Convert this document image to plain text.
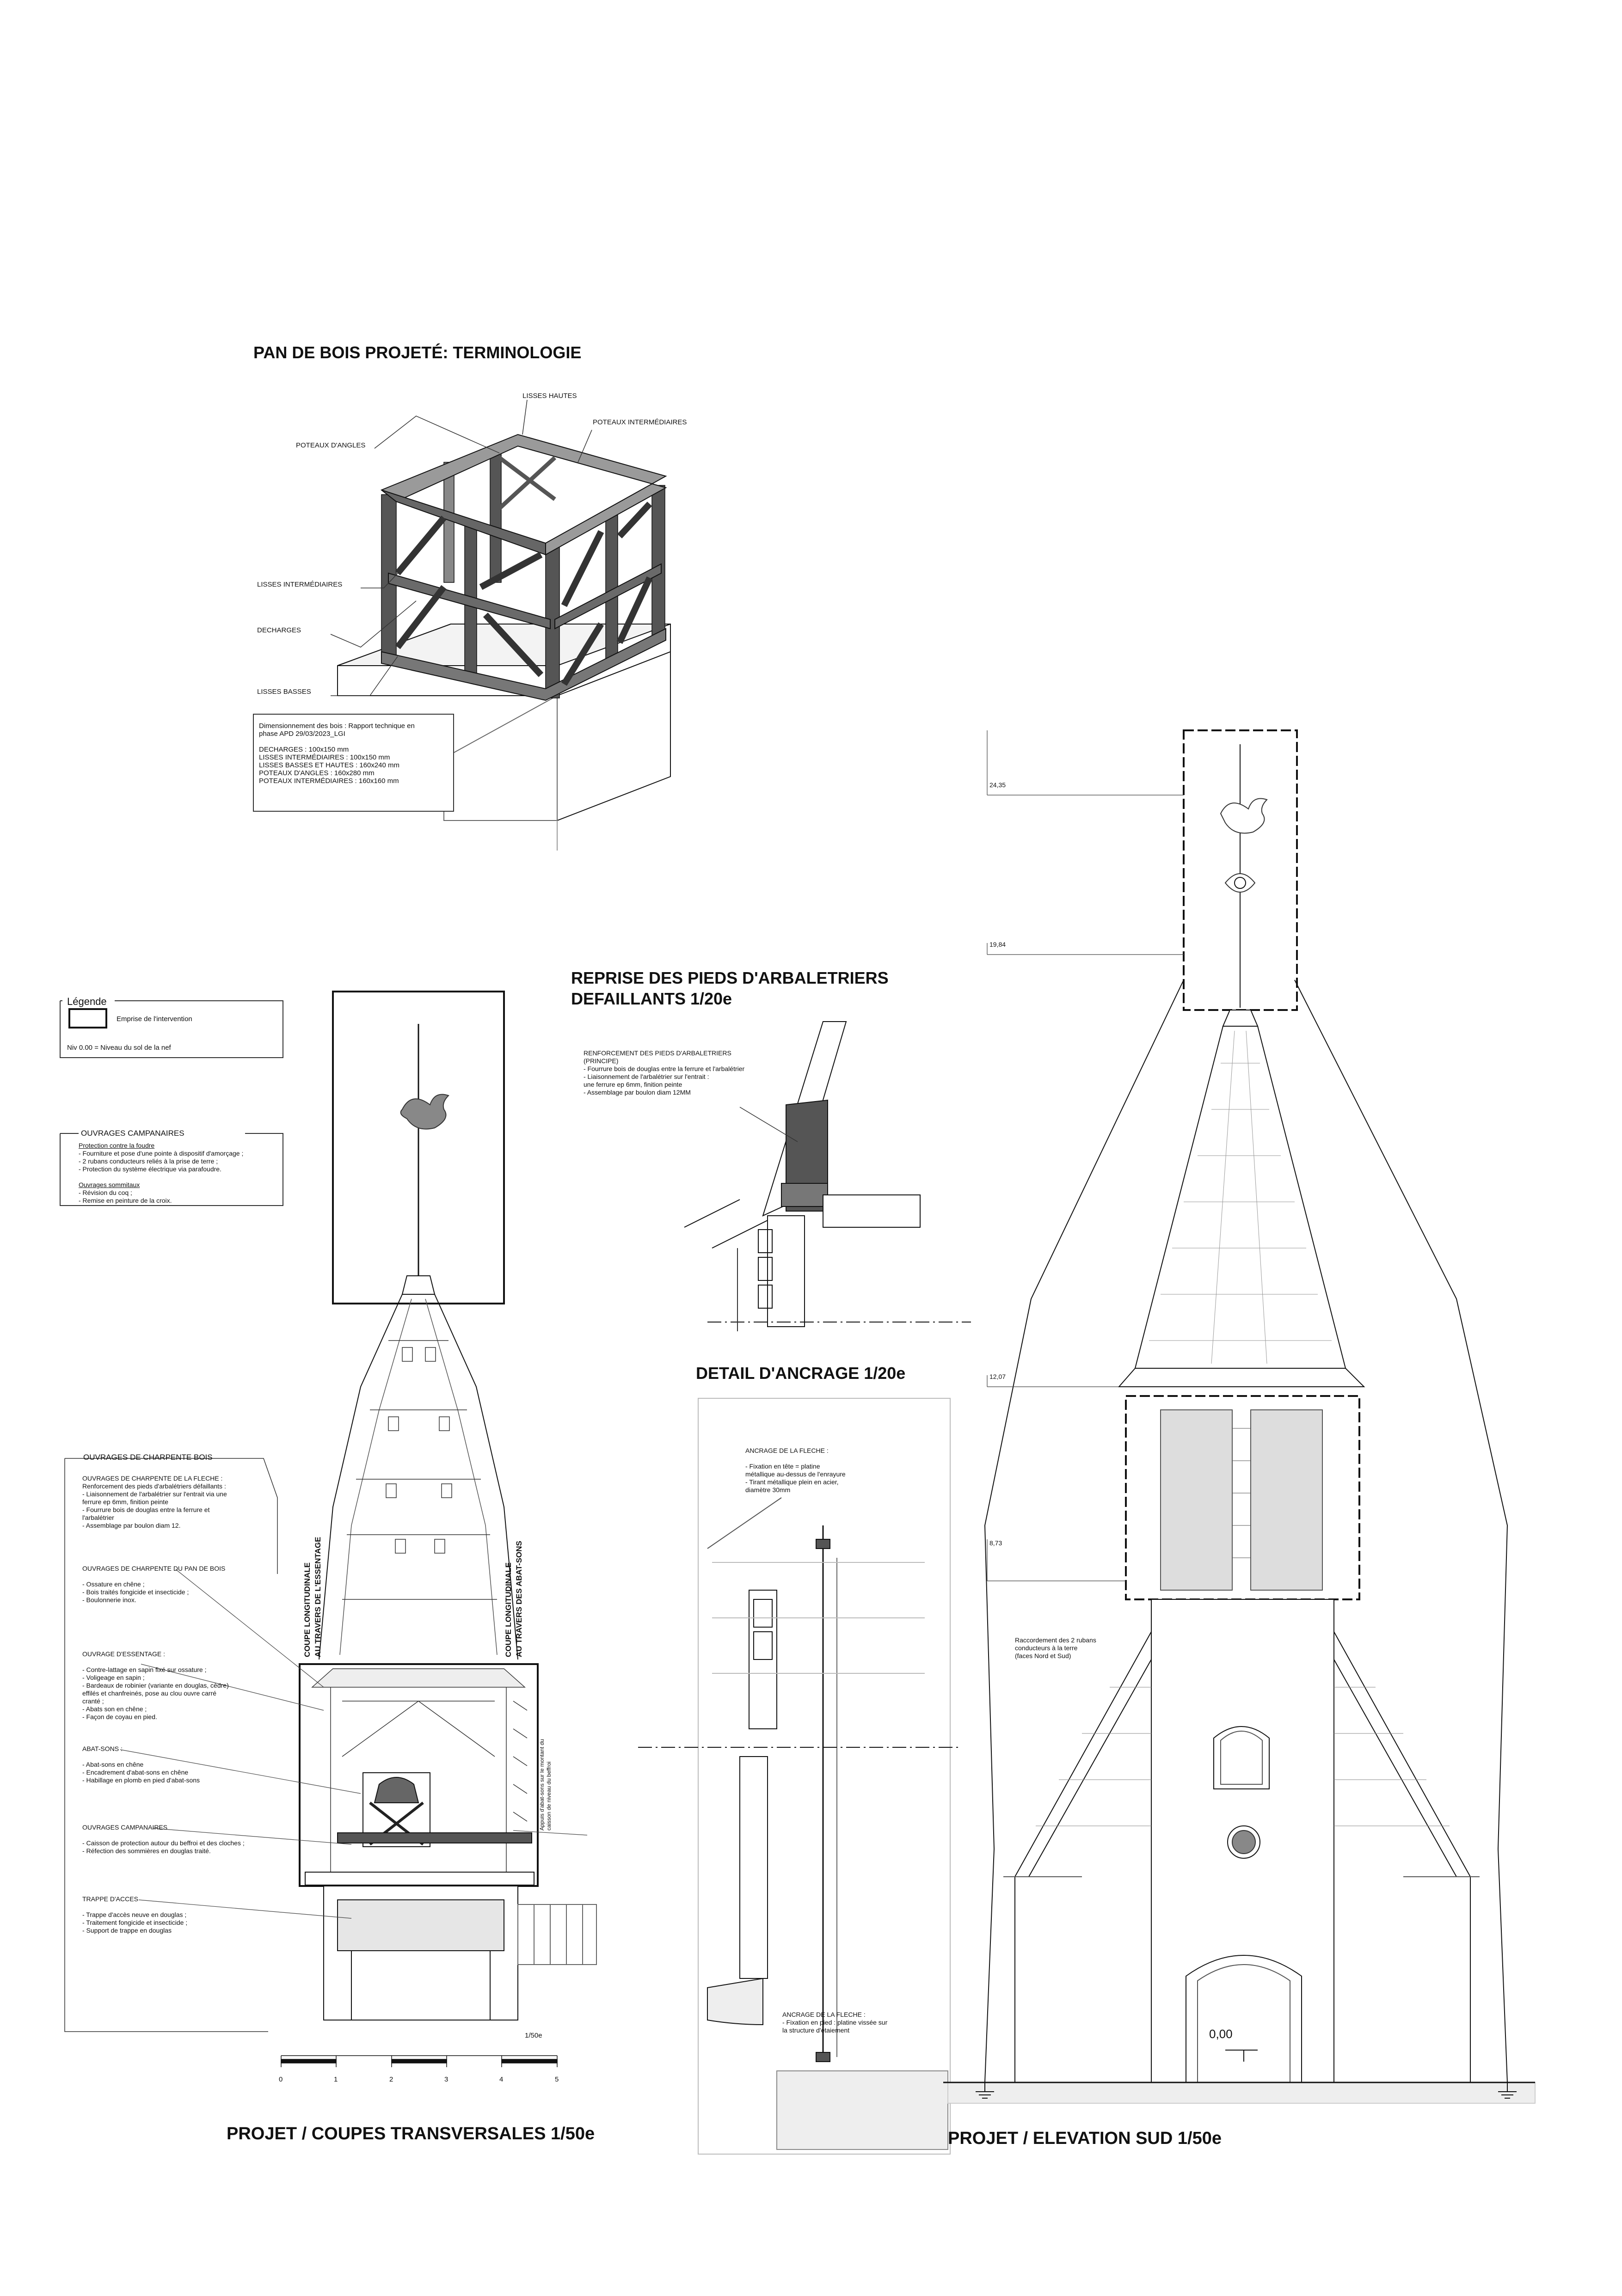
PAN DE BOIS PROJETÉ: TERMINOLOGIE
REPRISE DES PIEDS D'ARBALETRIERS
DEFAILLANTS 1/20e
DETAIL D'ANCRAGE 1/20e
PROJET / COUPES TRANSVERSALES 1/50e	PROJET / ELEVATION SUD 1/50e
LISSES HAUTES
POTEAUX INTERMÉDIAIRES
POTEAUX D'ANGLES
LISSES INTERMÉDIAIRES
DECHARGES
LISSES BASSES

Dimensionnement des bois : Rapport technique en

phase APD 29/03/2023_LGI

DECHARGES : 100x150 mm

LISSES INTERMÉDIAIRES : 100x150 mm

LISSES BASSES ET HAUTES : 160x240 mm

POTEAUX D'ANGLES : 160x280 mm

POTEAUX INTERMÉDIAIRES : 160x160 mm

Légende
Emprise de l'intervention
Niv 0.00 = Niveau du sol de la nef
OUVRAGES CAMPANAIRES

Protection contre la foudre

- Fourniture et pose d'une pointe à dispositif d'amorçage ;

- 2 rubans conducteurs reliés à la prise de terre ;

- Protection du système électrique via parafoudre.

Ouvrages sommitaux

- Révision du coq ;

- Remise en peinture de la croix.

OUVRAGES DE CHARPENTE BOIS

OUVRAGES DE CHARPENTE DE LA FLECHE :

Renforcement des pieds d'arbalétriers défaillants :

- Liaisonnement de l'arbalétrier sur l'entrait via une

ferrure ep 6mm, finition peinte

- Fourrure bois de douglas entre la ferrure et

l'arbalétrier

- Assemblage par boulon diam 12.

OUVRAGES DE CHARPENTE DU PAN DE BOIS

- Ossature en chêne ;

- Bois traités fongicide et insecticide ;

- Boulonnerie inox.

OUVRAGE D'ESSENTAGE :

- Contre-lattage en sapin fixé sur ossature ;

- Voligeage en sapin ;

- Bardeaux de robinier (variante en douglas, cèdre)

effilés et chanfreinés, pose au clou ouvre carré

cranté ;

- Abats son en chêne ;

- Façon de coyau en pied.

ABAT-SONS :

- Abat-sons en chêne

- Encadrement d'abat-sons en chêne

- Habillage en plomb en pied d'abat-sons

OUVRAGES CAMPANAIRES

- Caisson de protection autour du beffroi et des cloches ;

- Réfection des sommières en douglas traité.

TRAPPE D'ACCES

- Trappe d'accès neuve en douglas ;

- Traitement fongicide et insecticide ;

- Support de trappe en douglas

COUPE LONGITUDINALE AU TRAVERS DE L'ESSENTAGE	COUPE LONGITUDINALE AU TRAVERS DES ABAT-SONS
Appuis d'abat-sons sur le montant du caisson de niveau du beffroi
1/50e
0	1	2	3	4	5

RENFORCEMENT DES PIEDS D'ARBALETRIERS

(PRINCIPE)

- Fourrure bois de douglas entre la ferrure et l'arbalétrier

- Liaisonnement de l'arbalétrier sur l'entrait :

une ferrure ep 6mm, finition peinte

- Assemblage par boulon diam 12MM

ANCRAGE DE LA FLECHE :

- Fixation en tête = platine

métallique au-dessus de l'enrayure

- Tirant métallique plein en acier,

diamètre 30mm

ANCRAGE DE LA FLECHE :

- Fixation en pied : platine vissée sur

la structure d'étaiement

24,35
19,84
12,07
8,73
0,00

Raccordement des 2 rubans

conducteurs à la terre

(faces Nord et Sud)
